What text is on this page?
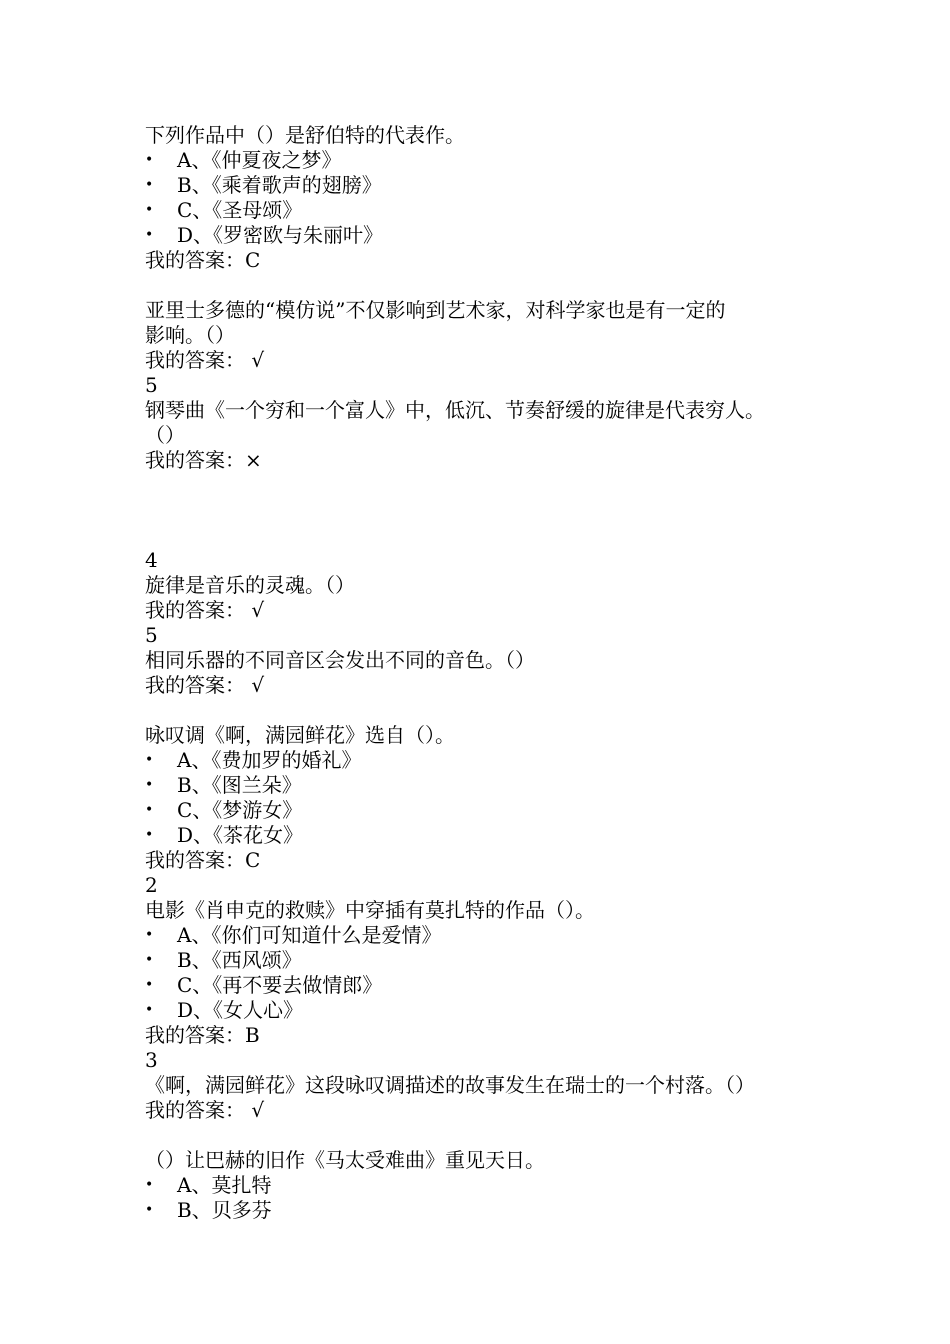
下列作品中（）是舒伯特的代表作。
•	A、《仲夏夜之梦》
•	B、《乘着歌声的翅膀》
•	C、《圣母颂》
•	D、《罗密欧与朱丽叶》
我的答案：C
亚里士多德的“模仿说”不仅影响到艺术家，对科学家也是有一定的
影响。（）
我的答案： √
5
钢琴曲《一个穷和一个富人》中，低沉、节奏舒缓的旋律是代表穷人。
（）
我的答案：×
4
旋律是音乐的灵魂。（）
我的答案： √
5
相同乐器的不同音区会发出不同的音色。（）
我的答案： √
咏叹调《啊，满园鲜花》选自（）。
•	A、《费加罗的婚礼》
•	B、《图兰朵》
•	C、《梦游女》
•	D、《茶花女》
我的答案：C
2
电影《肖申克的救赎》中穿插有莫扎特的作品（）。
•	A、《你们可知道什么是爱情》
•	B、《西风颂》
•	C、《再不要去做情郎》
•	D、《女人心》
我的答案：B
3
《啊，满园鲜花》这段咏叹调描述的故事发生在瑞士的一个村落。（）
我的答案： √
（）让巴赫的旧作《马太受难曲》重见天日。
•	A、莫扎特
•	B、贝多芬
